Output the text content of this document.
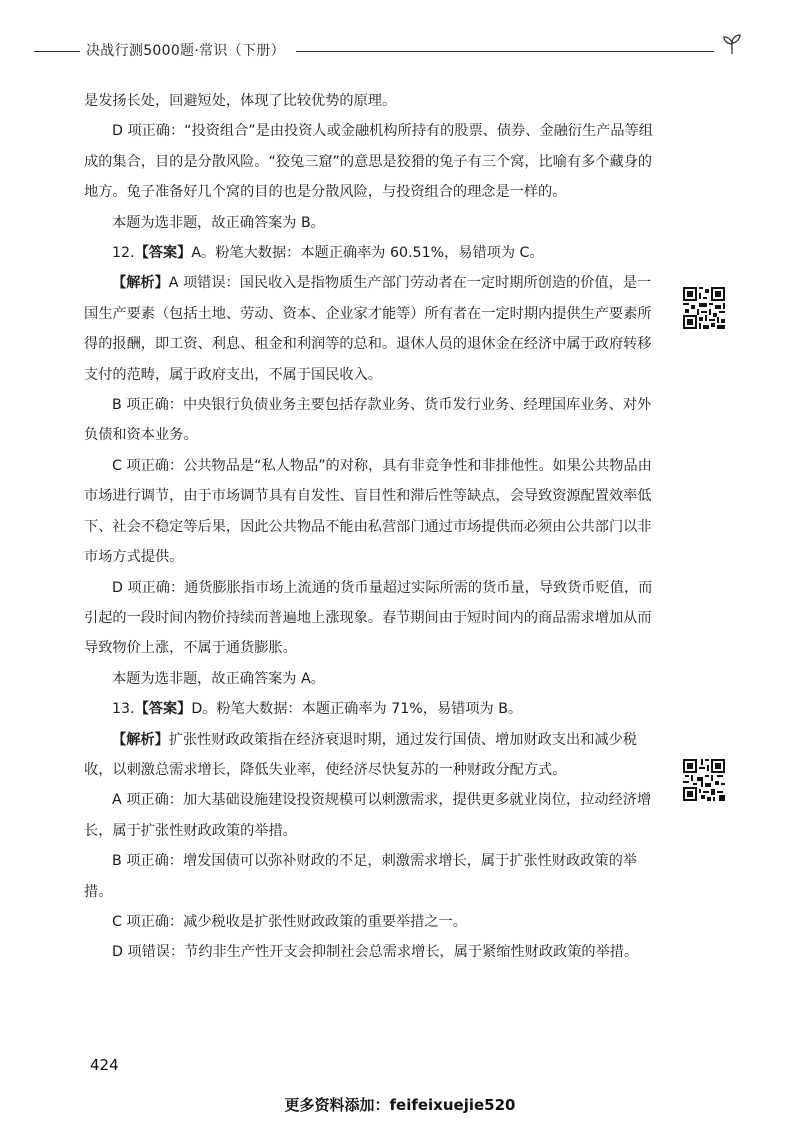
决战行测5000题·常识（下册）

是发扬长处，回避短处，体现了比较优势的原理。

D 项正确：“投资组合”是由投资人或金融机构所持有的股票、债券、金融衍生产品等组成的集合，目的是分散风险。“狡兔三窟”的意思是狡猾的兔子有三个窝，比喻有多个藏身的地方。兔子准备好几个窝的目的也是分散风险，与投资组合的理念是一样的。

本题为选非题，故正确答案为 B。

12.【答案】A。粉笔大数据：本题正确率为 60.51%，易错项为 C。

【解析】A 项错误：国民收入是指物质生产部门劳动者在一定时期所创造的价值，是一国生产要素（包括土地、劳动、资本、企业家才能等）所有者在一定时期内提供生产要素所得的报酬，即工资、利息、租金和利润等的总和。退休人员的退休金在经济中属于政府转移支付的范畴，属于政府支出，不属于国民收入。

B 项正确：中央银行负债业务主要包括存款业务、货币发行业务、经理国库业务、对外负债和资本业务。

C 项正确：公共物品是“私人物品”的对称，具有非竞争性和非排他性。如果公共物品由市场进行调节，由于市场调节具有自发性、盲目性和滞后性等缺点，会导致资源配置效率低下、社会不稳定等后果，因此公共物品不能由私营部门通过市场提供而必须由公共部门以非市场方式提供。

D 项正确：通货膨胀指市场上流通的货币量超过实际所需的货币量，导致货币贬值，而引起的一段时间内物价持续而普遍地上涨现象。春节期间由于短时间内的商品需求增加从而导致物价上涨，不属于通货膨胀。

本题为选非题，故正确答案为 A。

13.【答案】D。粉笔大数据：本题正确率为 71%，易错项为 B。

【解析】扩张性财政政策指在经济衰退时期，通过发行国债、增加财政支出和减少税收，以刺激总需求增长，降低失业率，使经济尽快复苏的一种财政分配方式。

A 项正确：加大基础设施建设投资规模可以刺激需求，提供更多就业岗位，拉动经济增长，属于扩张性财政政策的举措。

B 项正确：增发国债可以弥补财政的不足，刺激需求增长，属于扩张性财政政策的举措。

C 项正确：减少税收是扩张性财政政策的重要举措之一。

D 项错误：节约非生产性开支会抑制社会总需求增长，属于紧缩性财政政策的举措。

424
更多资料添加：feifeixuejie520
